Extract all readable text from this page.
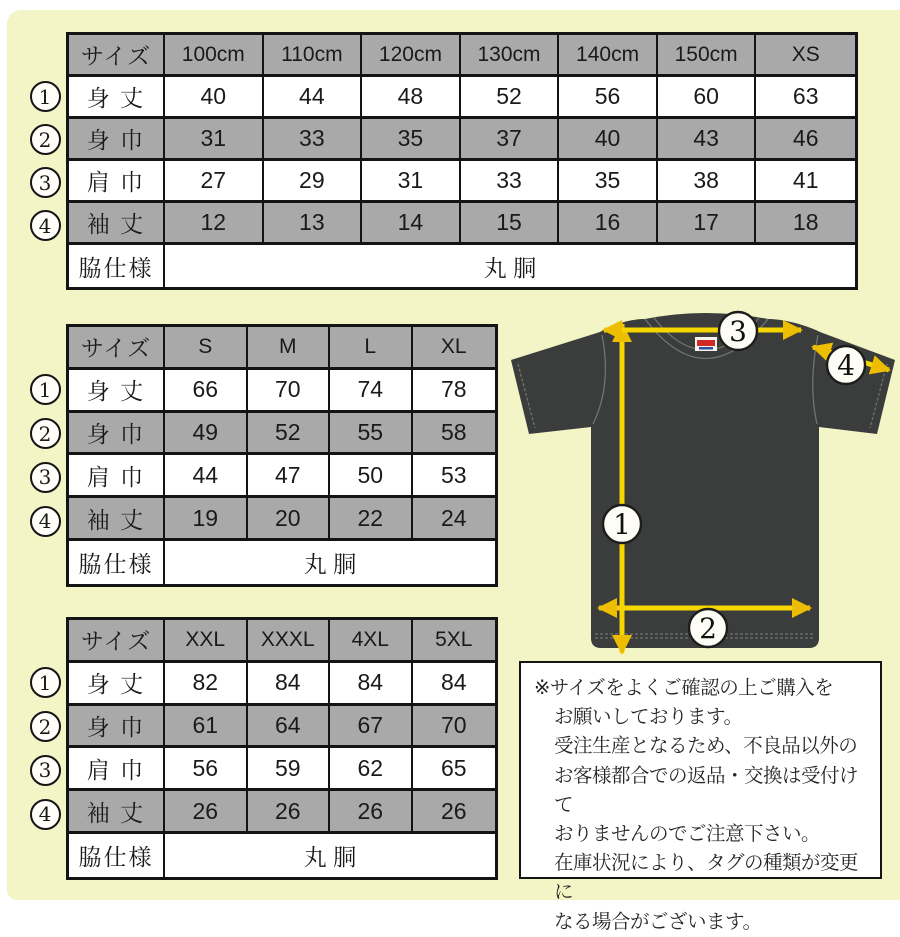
1
2
3
4
サイズ	100cm	110cm	120cm	130cm	140cm	150cm	XS
身 丈	40	44	48	52	56	60	63
身 巾	31	33	35	37	40	43	46
肩 巾	27	29	31	33	35	38	41
袖 丈	12	13	14	15	16	17	18
脇仕様	丸 胴
1
2
3
4
サイズ	S	M	L	XL
身 丈	66	70	74	78
身 巾	49	52	55	58
肩 巾	44	47	50	53
袖 丈	19	20	22	24
脇仕様	丸 胴
1
2
3
4
サイズ	XXL	XXXL	4XL	5XL
身 丈	82	84	84	84
身 巾	61	64	67	70
肩 巾	56	59	62	65
袖 丈	26	26	26	26
脇仕様	丸 胴
3
4
1
2
※サイズをよくご確認の上ご購入を
お願いしております。
受注生産となるため、不良品以外の
お客様都合での返品・交換は受付けて
おりませんのでご注意下さい。
在庫状況により、タグの種類が変更に
なる場合がございます。
